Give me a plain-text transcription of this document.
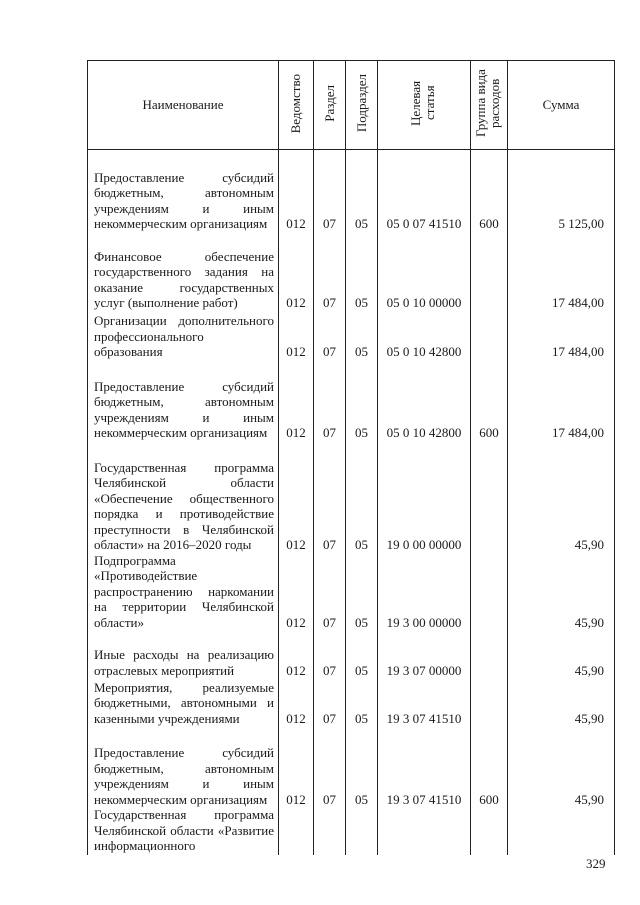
Наименование	Ведомство	Раздел	Подраздел	Целевая статья	Группа вида расходов	Сумма
Предоставление субсидий бюджетным, автономным учреждениям и иным некоммерческим организациям	012	07	05	05 0 07 41510	600	5 125,00
Финансовое обеспечение государственного задания на оказание государственных услуг (выполнение работ)	012	07	05	05 0 10 00000		17 484,00
Организации дополнительного профессионального образования	012	07	05	05 0 10 42800		17 484,00
Предоставление субсидий бюджетным, автономным учреждениям и иным некоммерческим организациям	012	07	05	05 0 10 42800	600	17 484,00
Государственная программа Челябинской области «Обеспечение общественного порядка и противодействие преступности в Челябинской области» на 2016–2020 годы	012	07	05	19 0 00 00000		45,90
Подпрограмма «Противодействие распространению наркомании на территории Челябинской области»	012	07	05	19 3 00 00000		45,90
Иные расходы на реализацию отраслевых мероприятий	012	07	05	19 3 07 00000		45,90
Мероприятия, реализуемые бюджетными, автономными и казенными учреждениями	012	07	05	19 3 07 41510		45,90
Предоставление субсидий бюджетным, автономным учреждениям и иным некоммерческим организациям	012	07	05	19 3 07 41510	600	45,90
Государственная программа Челябинской области «Развитие информационного						
329
